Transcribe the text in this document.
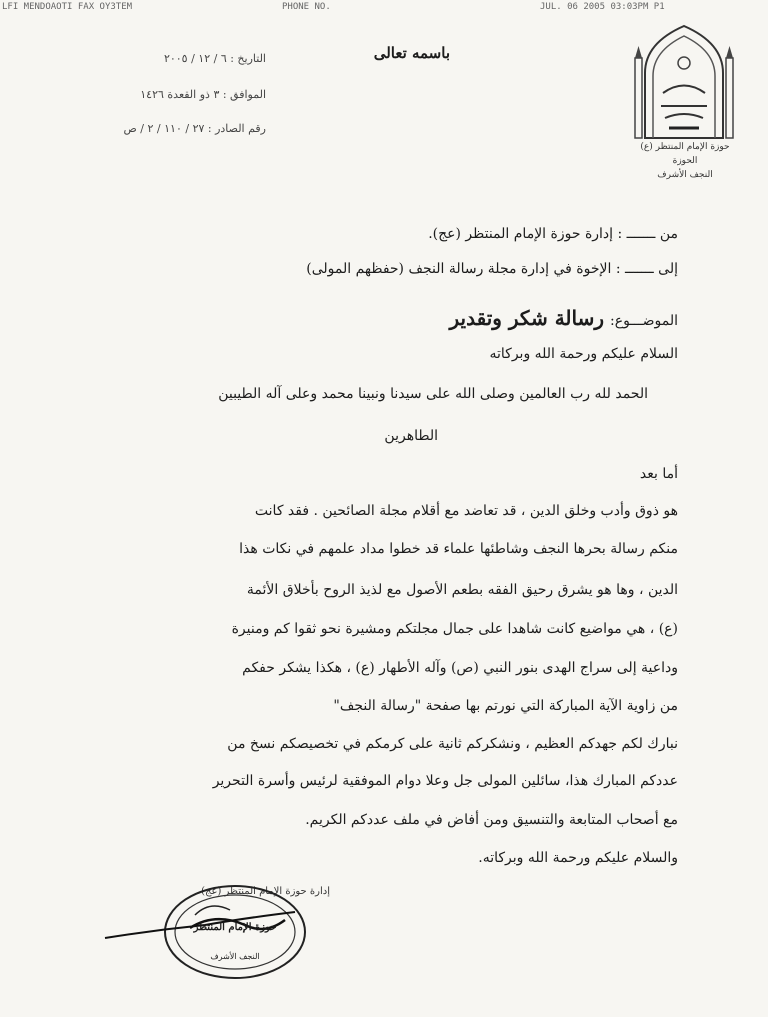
LFI MENDOAOTI FAX OY3TEM	PHONE NO.	JUL. 06 2005 03:03PM P1
حوزة الإمام المنتظر (ع)
الحوزة
النجف الأشرف
باسمه تعالى
التاريخ : ٦ / ١٢ / ٢٠٠٥
الموافق : ٣ ذو القعدة ١٤٢٦
رقم الصادر : ٢٧ / ١١٠ / ٢ / ص
من ـــــــ : إدارة حوزة الإمام المنتظر (عج).
إلى ـــــــ : الإخوة في إدارة مجلة رسالة النجف (حفظهم المولى)
الموضـــوع:
رسالة شكر وتقدير
السلام عليكم ورحمة الله وبركاته
الحمد لله رب العالمين وصلى الله على سيدنا ونبينا محمد وعلى آله الطيبين
الطاهرين
أما بعد
هو ذوق وأدب وخلق الدين ، قد تعاضد مع أقلام مجلة الصائحين . فقد كانت
منكم رسالة بحرها النجف وشاطئها علماء قد خطوا مداد علمهم في نكات هذا
الدين ، وها هو يشرق رحيق الفقه بطعم الأصول مع لذيذ الروح بأخلاق الأئمة
(ع) ، هي مواضيع كانت شاهدا على جمال مجلتكم ومشيرة نحو ثقوا كم ومنيرة
وداعية إلى سراج الهدى بنور النبي (ص) وآله الأطهار (ع) ، هكذا يشكر حفكم
من زاوية الآية المباركة التي نورتم بها صفحة "رسالة النجف"
نبارك لكم جهدكم العظيم ، ونشكركم ثانية على كرمكم في تخصيصكم نسخ من
عددكم المبارك هذا، سائلين المولى جل وعلا دوام الموفقية لرئيس وأسرة التحرير
مع أصحاب المتابعة والتنسيق ومن أفاض في ملف عددكم الكريم.
والسلام عليكم ورحمة الله وبركاته.
إدارة حوزة الإمام المنتظر (عج)
حوزة الإمام المنتظر
النجف الأشرف
